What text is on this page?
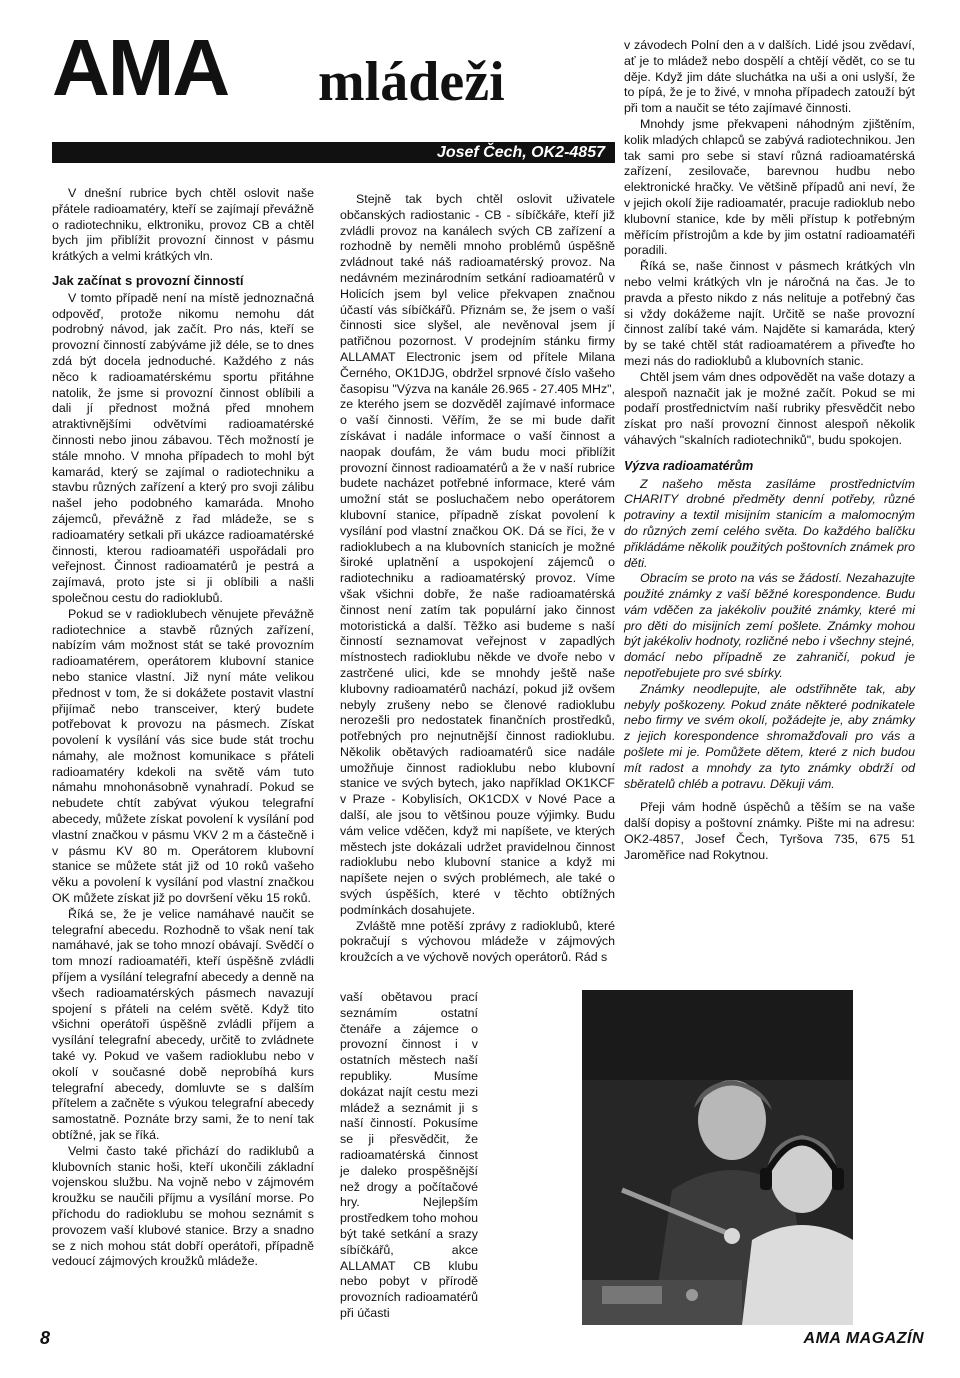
AMA mládeži
Josef Čech, OK2-4857

V dnešní rubrice bych chtěl oslovit naše přátele radioamatéry, kteří se zajímají převážně o radiotechniku, elktroniku, provoz CB a chtěl bych jim přiblížit provozní činnost v pásmu krátkých a velmi krátkých vln.

Jak začínat s provozní činností

V tomto případě není na místě jednoznačná odpověď, protože nikomu nemohu dát podrobný návod, jak začít. Pro nás, kteří se provozní činností zabýváme již déle, se to dnes zdá být docela jednoduché. Každého z nás něco k radioamatérskému sportu přitáhne natolik, že jsme si provozní činnost oblíbili a dali jí přednost možná před mnohem atraktivnějšími odvětvími radioamatérské činnosti nebo jinou zábavou. Těch možností je stále mnoho. V mnoha případech to mohl být kamarád, který se zajímal o radiotechniku a stavbu různých zařízení a který pro svoji zálibu našel jeho podobného kamaráda. Mnoho zájemců, převážně z řad mládeže, se s radioamatéry setkali při ukázce radioamatérské činnosti, kterou radioamatéři uspořádali pro veřejnost. Činnost radioamatérů je pestrá a zajímavá, proto jste si ji oblíbili a našli společnou cestu do radioklubů.

Pokud se v radioklubech věnujete převážně radiotechnice a stavbě různých zařízení, nabízím vám možnost stát se také provozním radioamatérem, operátorem klubovní stanice nebo stanice vlastní. Již nyní máte velikou přednost v tom, že si dokážete postavit vlastní přijímač nebo transceiver, který budete potřebovat k provozu na pásmech. Získat povolení k vysílání vás sice bude stát trochu námahy, ale možnost komunikace s přáteli radioamatéry kdekoli na světě vám tuto námahu mnohonásobně vynahradí. Pokud se nebudete chtít zabývat výukou telegrafní abecedy, můžete získat povolení k vysílání pod vlastní značkou v pásmu VKV 2 m a částečně i v pásmu KV 80 m. Operátorem klubovní stanice se můžete stát již od 10 roků vašeho věku a povolení k vysílání pod vlastní značkou OK můžete získat již po dovršení věku 15 roků.

Říká se, že je velice namáhavé naučit se telegrafní abecedu. Rozhodně to však není tak namáhavé, jak se toho mnozí obávají. Svědčí o tom mnozí radioamatéři, kteří úspěšně zvládli příjem a vysílání telegrafní abecedy a denně na všech radioamatérských pásmech navazují spojení s přáteli na celém světě. Když tito všichni operátoři úspěšně zvládli příjem a vysílání telegrafní abecedy, určitě to zvládnete také vy. Pokud ve vašem radioklubu nebo v okolí v současné době neprobíhá kurs telegrafní abecedy, domluvte se s dalším přítelem a začněte s výukou telegrafní abecedy samostatně. Poznáte brzy sami, že to není tak obtížné, jak se říká.

Velmi často také přichází do radiklubů a klubovních stanic hoši, kteří ukončili základní vojenskou službu. Na vojně nebo v zájmovém kroužku se naučili příjmu a vysílání morse. Po příchodu do radioklubu se mohou seznámit s provozem vaší klubové stanice. Brzy a snadno se z nich mohou stát dobří operátoři, případně vedoucí zájmových kroužků mládeže.

Stejně tak bych chtěl oslovit uživatele občanských radiostanic - CB - síbíčkáře, kteří již zvládli provoz na kanálech svých CB zařízení a rozhodně by neměli mnoho problémů úspěšně zvládnout také náš radioamatérský provoz. Na nedávném mezinárodním setkání radioamatérů v Holicích jsem byl velice překvapen značnou účastí vás síbíčkářů. Přiznám se, že jsem o vaší činnosti sice slyšel, ale nevěnoval jsem jí patřičnou pozornost. V prodejním stánku firmy ALLAMAT Electronic jsem od přítele Milana Černého, OK1DJG, obdržel srpnové číslo vašeho časopisu "Výzva na kanále 26.965 - 27.405 MHz", ze kterého jsem se dozvěděl zajímavé informace o vaší činnosti. Věřím, že se mi bude dařit získávat i nadále informace o vaší činnost a naopak doufám, že vám budu moci přiblížit provozní činnost radioamatérů a že v naší rubrice budete nacházet potřebné informace, které vám umožní stát se posluchačem nebo operátorem klubovní stanice, případně získat povolení k vysílání pod vlastní značkou OK. Dá se říci, že v radioklubech a na klubovních stanicích je možné široké uplatnění a uspokojení zájemců o radiotechniku a radioamatérský provoz. Víme však všichni dobře, že naše radioamatérská činnost není zatím tak populární jako činnost motoristická a další. Těžko asi budeme s naší činností seznamovat veřejnost v zapadlých místnostech radioklubu někde ve dvoře nebo v zastrčené ulici, kde se mnohdy ještě naše klubovny radioamatérů nachází, pokud již ovšem nebyly zrušeny nebo se členové radioklubu nerozešli pro nedostatek finančních prostředků, potřebných pro nejnutnější činnost radioklubu. Několik obětavých radioamatérů sice nadále umožňuje činnost radioklubu nebo klubovní stanice ve svých bytech, jako například OK1KCF v Praze - Kobylisích, OK1CDX v Nové Pace a další, ale jsou to většinou pouze výjimky. Budu vám velice vděčen, když mi napíšete, ve kterých městech jste dokázali udržet pravidelnou činnost radioklubu nebo klubovní stanice a když mi napíšete nejen o svých problémech, ale také o svých úspěších, které v těchto obtížných podmínkách dosahujete.

Zvláště mne potěší zprávy z radioklubů, které pokračují s výchovou mládeže v zájmových kroužcích a ve výchově nových operátorů. Rád s

vaší obětavou prací seznámím ostatní čtenáře a zájemce o provozní činnost i v ostatních městech naší republiky. Musíme dokázat najít cestu mezi mládež a seznámit ji s naší činností. Pokusíme se ji přesvědčit, že radioamatérská činnost je daleko prospěšnější než drogy a počítačové hry. Nejlepším prostředkem toho mohou být také setkání a srazy síbíčkářů, akce ALLAMAT CB klubu nebo pobyt v přírodě provozních radioamatérů při účasti

v závodech Polní den a v dalších. Lidé jsou zvědaví, ať je to mládež nebo dospělí a chtějí vědět, co se tu děje. Když jim dáte sluchátka na uši a oni uslyší, že to pípá, že je to živé, v mnoha případech zatouží být při tom a naučit se této zajímavé činnosti.

Mnohdy jsme překvapeni náhodným zjištěním, kolik mladých chlapců se zabývá radiotechnikou. Jen tak sami pro sebe si staví různá radioamatérská zařízení, zesilovače, barevnou hudbu nebo elektronické hračky. Ve většině případů ani neví, že v jejich okolí žije radioamatér, pracuje radioklub nebo klubovní stanice, kde by měli přístup k potřebným měřícím přístrojům a kde by jim ostatní radioamatéři poradili.

Říká se, naše činnost v pásmech krátkých vln nebo velmi krátkých vln je náročná na čas. Je to pravda a přesto nikdo z nás nelituje a potřebný čas si vždy dokážeme najít. Určitě se naše provozní činnost zalíbí také vám. Najděte si kamaráda, který by se také chtěl stát radioamatérem a přiveďte ho mezi nás do radioklubů a klubovních stanic.

Chtěl jsem vám dnes odpovědět na vaše dotazy a alespoň naznačit jak je možné začít. Pokud se mi podaří prostřednictvím naší rubriky přesvědčit nebo získat pro naší provozní činnost alespoň několik váhavých "skalních radiotechniků", budu spokojen.

Výzva radioamatérům

Z našeho města zasíláme prostřednictvím CHARITY drobné předměty denní potřeby, různé potraviny a textil misijním stanicím a malomocným do různých zemí celého světa. Do každého balíčku přikládáme několik použitých poštovních známek pro děti.

Obracím se proto na vás se žádostí. Nezahazujte použité známky z vaší běžné korespondence. Budu vám vděčen za jakékoliv použité známky, které mi pro děti do misijních zemí pošlete. Známky mohou být jakékoliv hodnoty, rozličné nebo i všechny stejné, domácí nebo případně ze zahraničí, pokud je nepotřebujete pro své sbírky.

Známky neodlepujte, ale odstřihněte tak, aby nebyly poškozeny. Pokud znáte některé podnikatele nebo firmy ve svém okolí, požádejte je, aby známky z jejich korespondence shromažďovali pro vás a pošlete mi je. Pomůžete dětem, které z nich budou mít radost a mnohdy za tyto známky obdrží od sběratelů chléb a potravu. Děkuji vám.

Přeji vám hodně úspěchů a těším se na vaše další dopisy a poštovní známky. Pište mi na adresu: OK2-4857, Josef Čech, Tyršova 735, 675 51 Jaroměřice nad Rokytnou.

8	AMA MAGAZÍN
